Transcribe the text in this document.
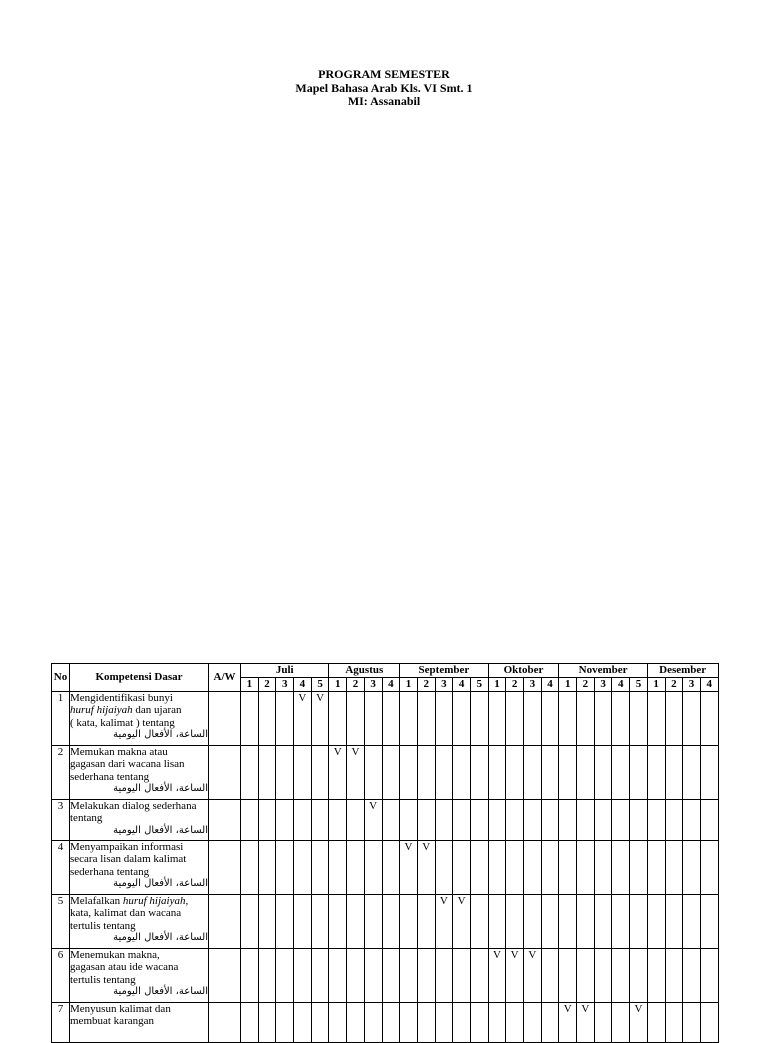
PROGRAM SEMESTER
Mapel Bahasa Arab Kls. VI Smt. 1
MI: Assanabil
No	Kompetensi Dasar	A/W	Juli					Agustus				September					Oktober				November					Desember			
			1	2	3	4	5	1	2	3	4	1	2	3	4	5	1	2	3	4	1	2	3	4	5	1	2	3	4
1	Mengidentifikasi bunyi
huruf hijaiyah dan ujaran
( kata, kalimat ) tentang
الساعة، الأفعال اليومية					V	V																						
2	Memukan makna atau
gagasan dari wacana lisan
sederhana tentang
الساعة، الأفعال اليومية							V	V																				
3	Melakukan dialog sederhana
tentang
الساعة، الأفعال اليومية									V																			
4	Menyampaikan informasi
secara lisan dalam kalimat
sederhana tentang
الساعة، الأفعال اليومية											V	V																
5	Melafalkan huruf hijaiyah,
kata, kalimat dan wacana
tertulis tentang
الساعة، الأفعال اليومية													V	V														
6	Menemukan makna,
gagasan atau ide wacana
tertulis tentang
الساعة، الأفعال اليومية																V	V	V										
7	Menyusun kalimat dan
membuat karangan																				V	V			V				
